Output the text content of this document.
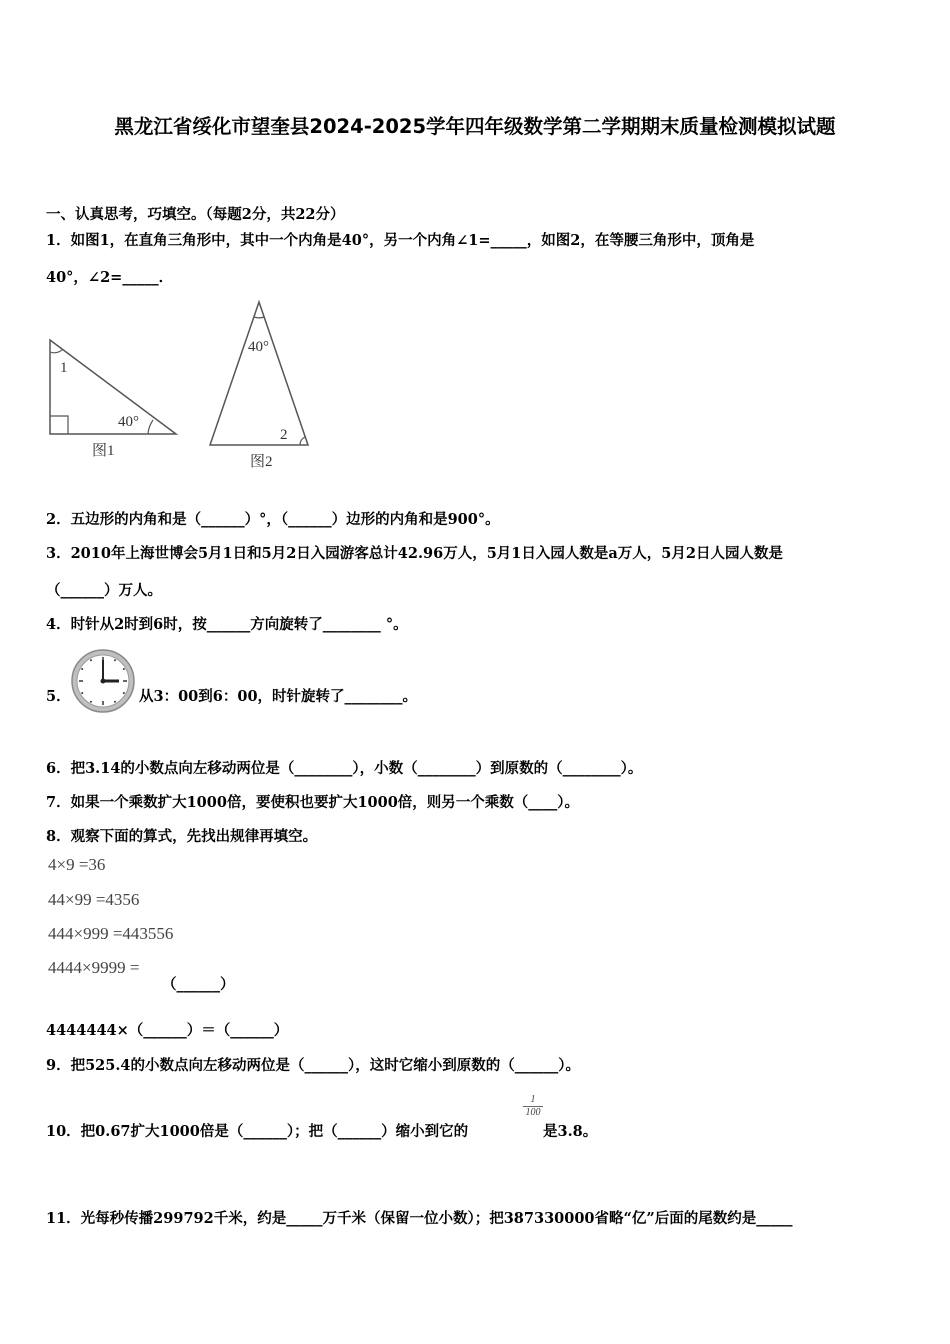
黑龙江省绥化市望奎县2024-2025学年四年级数学第二学期期末质量检测模拟试题
一、认真思考，巧填空。（每题2分，共22分）
1．如图1，在直角三角形中，其中一个内角是40°，另一个内角∠1=_____，如图2，在等腰三角形中，顶角是
40°，∠2=_____．
1
40°
图1
40°
2
图2
2．五边形的内角和是（______）°，（______）边形的内角和是900°。
3．2010年上海世博会5月1日和5月2日入园游客总计42.96万人，5月1日入园人数是a万人，5月2日人园人数是
（______）万人。
4．时针从2时到6时，按______方向旋转了________ °。
5．	从3：00到6：00，时针旋转了________。
6．把3.14的小数点向左移动两位是（________），小数（________）到原数的（________）。
7．如果一个乘数扩大1000倍，要使积也要扩大1000倍，则另一个乘数（____）。
8．观察下面的算式，先找出规律再填空。
4×9 =36
44×99 =4356
444×999 =443556
4444×9999 =
（______）
4444444×（______）＝（______）
9．把525.4的小数点向左移动两位是（______），这时它缩小到原数的（______）。
10．把0.67扩大1000倍是（______）；把（______）缩小到它的
1
100
是3.8。
11．光每秒传播299792千米，约是_____万千米（保留一位小数）；把387330000省略“亿”后面的尾数约是_____
